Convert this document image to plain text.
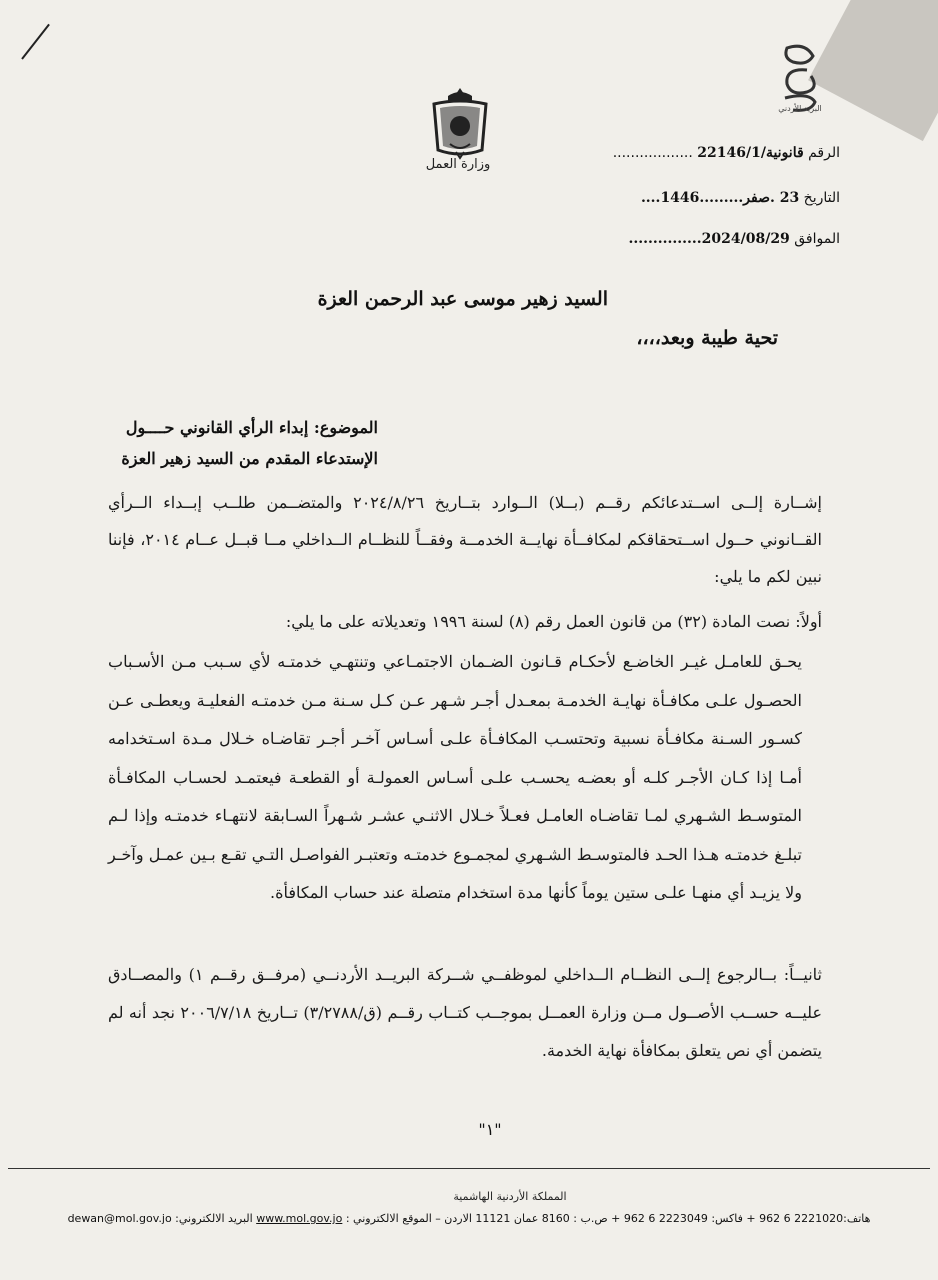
وزارة العمل
البريد الأردني
الرقم قانونية/22146/1 ..................
التاريخ 23 .صفر.........1446....
الموافق 2024/08/29...............
السيد زهير موسى عبد الرحمن العزة
تحية طيبة وبعد،،،،
الموضوع: إبداء الرأي القانوني حــــول
الإستدعاء المقدم من السيد زهير العزة
إشــارة إلــى اســتدعائكم رقــم (بــلا) الــوارد بتــاريخ ٢٠٢٤/٨/٢٦ والمتضــمن طلــب إبــداء الــرأي القــانوني حــول اســتحقاقكم لمكافــأة نهايــة الخدمــة وفقــاً للنظــام الــداخلي مــا قبــل عــام ٢٠١٤، فإننا نبين لكم ما يلي:
أولاً: نصت المادة (٣٢) من قانون العمل رقم (٨) لسنة ١٩٩٦ وتعديلاته على ما يلي:
يحـق للعامـل غيـر الخاضـع لأحكـام قـانون الضـمان الاجتمـاعي وتنتهـي خدمتـه لأي سـبب مـن الأسـباب الحصـول علـى مكافـأة نهايـة الخدمـة بمعـدل أجـر شـهر عـن كـل سـنة مـن خدمتـه الفعليـة ويعطـى عـن كسـور السـنة مكافـأة نسبية وتحتسـب المكافـأة علـى أسـاس آخـر أجـر تقاضـاه خـلال مـدة اسـتخدامه أمـا إذا كـان الأجـر كلـه أو بعضـه يحسـب علـى أسـاس العمولـة أو القطعـة فيعتمـد لحسـاب المكافـأة المتوسـط الشـهري لمـا تقاضـاه العامـل فعـلاً خـلال الاثنـي عشـر شـهراً السـابقة لانتهـاء خدمتـه وإذا لـم تبلـغ خدمتـه هـذا الحـد فالمتوسـط الشـهري لمجمـوع خدمتـه وتعتبـر الفواصـل التـي تقـع بـين عمـل وآخـر ولا يزيـد أي منهـا علـى ستين يوماً كأنها مدة استخدام متصلة عند حساب المكافأة.
ثانيــاً: بــالرجوع إلــى النظــام الــداخلي لموظفــي شــركة البريــد الأردنــي (مرفــق رقــم ١) والمصــادق عليــه حســب الأصــول مــن وزارة العمــل بموجــب كتــاب رقــم (ق/٣/٢٧٨٨) تــاريخ ٢٠٠٦/٧/١٨ نجد أنه لم يتضمن أي نص يتعلق بمكافأة نهاية الخدمة.
"١"
المملكة الأردنية الهاشمية
هاتف:2221020 6 962 + فاكس: 2223049 6 962 + ص.ب : 8160 عمان 11121 الاردن – الموقع الالكتروني : www.mol.gov.jo البريد الالكتروني: dewan@mol.gov.jo
